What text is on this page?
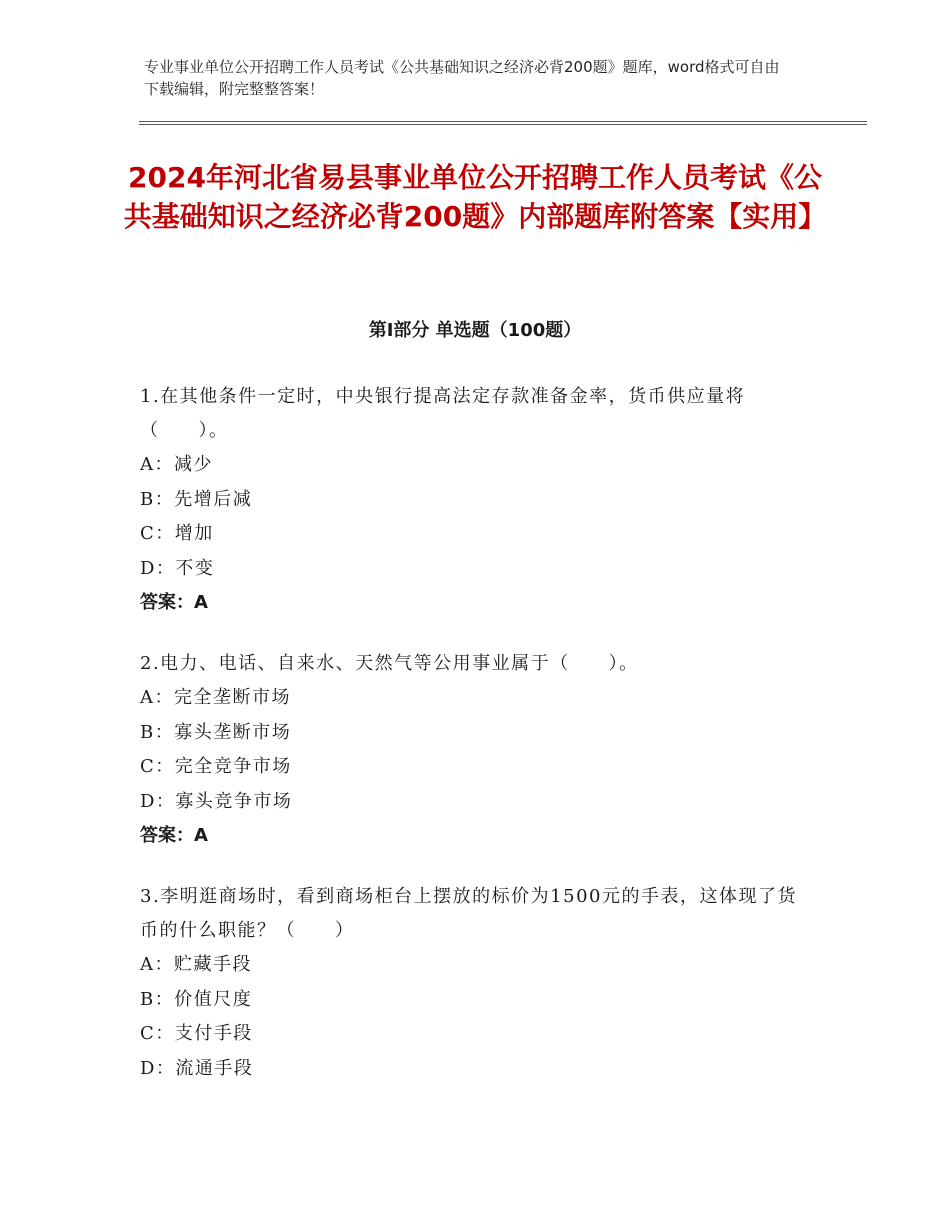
专业事业单位公开招聘工作人员考试《公共基础知识之经济必背200题》题库，word格式可自由下载编辑，附完整整答案！
2024年河北省易县事业单位公开招聘工作人员考试《公共基础知识之经济必背200题》内部题库附答案【实用】
第I部分 单选题（100题）
1.在其他条件一定时，中央银行提高法定存款准备金率，货币供应量将（　　）。
A：减少
B：先增后减
C：增加
D：不变
答案：A
2.电力、电话、自来水、天然气等公用事业属于（　　）。
A：完全垄断市场
B：寡头垄断市场
C：完全竞争市场
D：寡头竞争市场
答案：A
3.李明逛商场时，看到商场柜台上摆放的标价为1500元的手表，这体现了货币的什么职能？（　　）
A：贮藏手段
B：价值尺度
C：支付手段
D：流通手段
